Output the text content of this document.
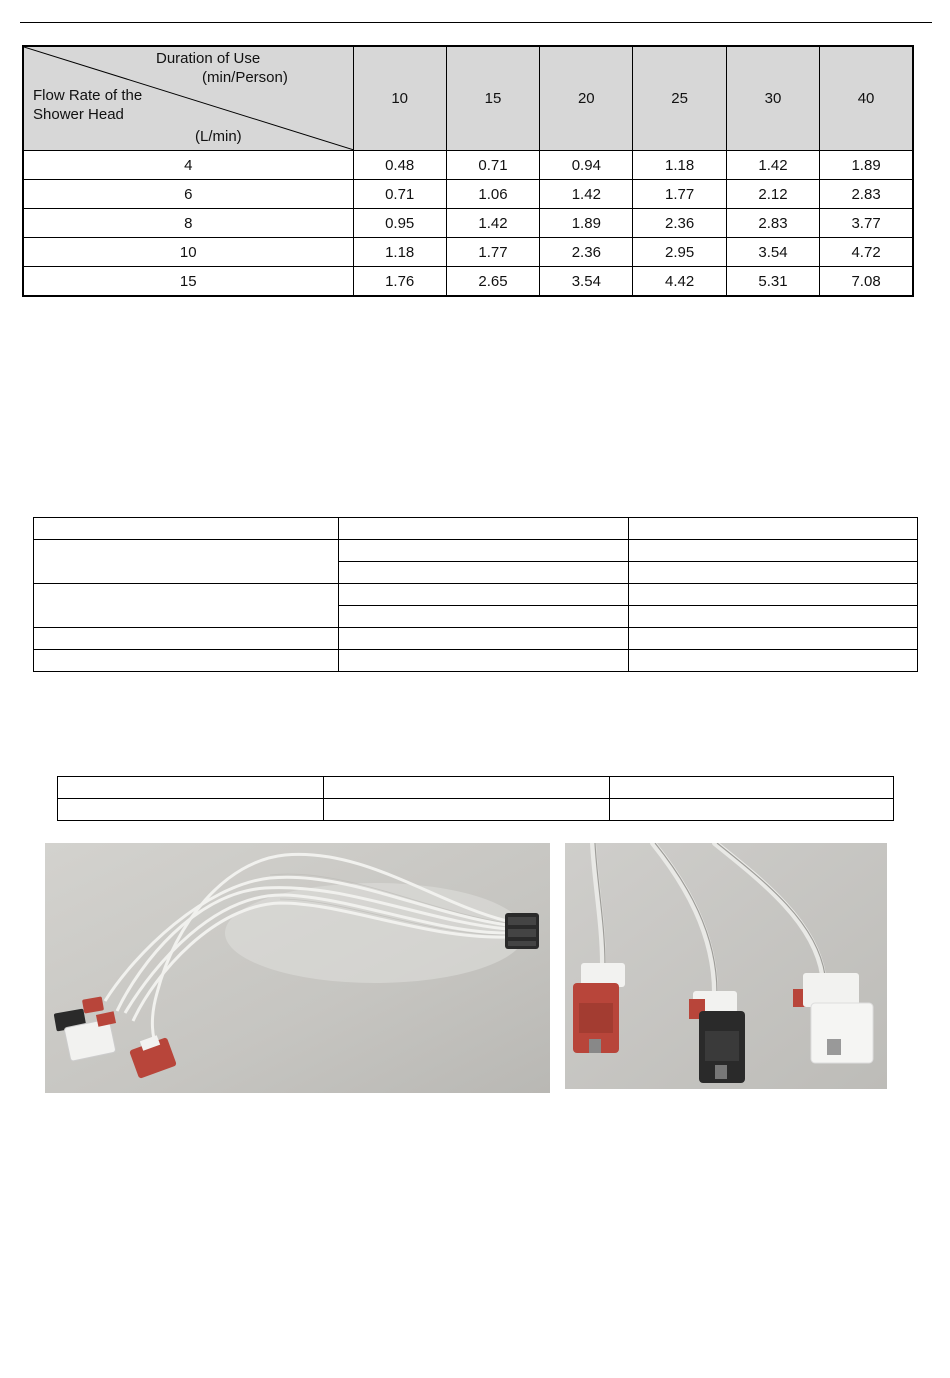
Duration of Use
(min/Person)
Flow Rate of the
Shower Head
(L/min)	10	15	20	25	30	40
4	0.48	0.71	0.94	1.18	1.42	1.89
6	0.71	1.06	1.42	1.77	2.12	2.83
8	0.95	1.42	1.89	2.36	2.83	3.77
10	1.18	1.77	2.36	2.95	3.54	4.72
15	1.76	2.65	3.54	4.42	5.31	7.08
